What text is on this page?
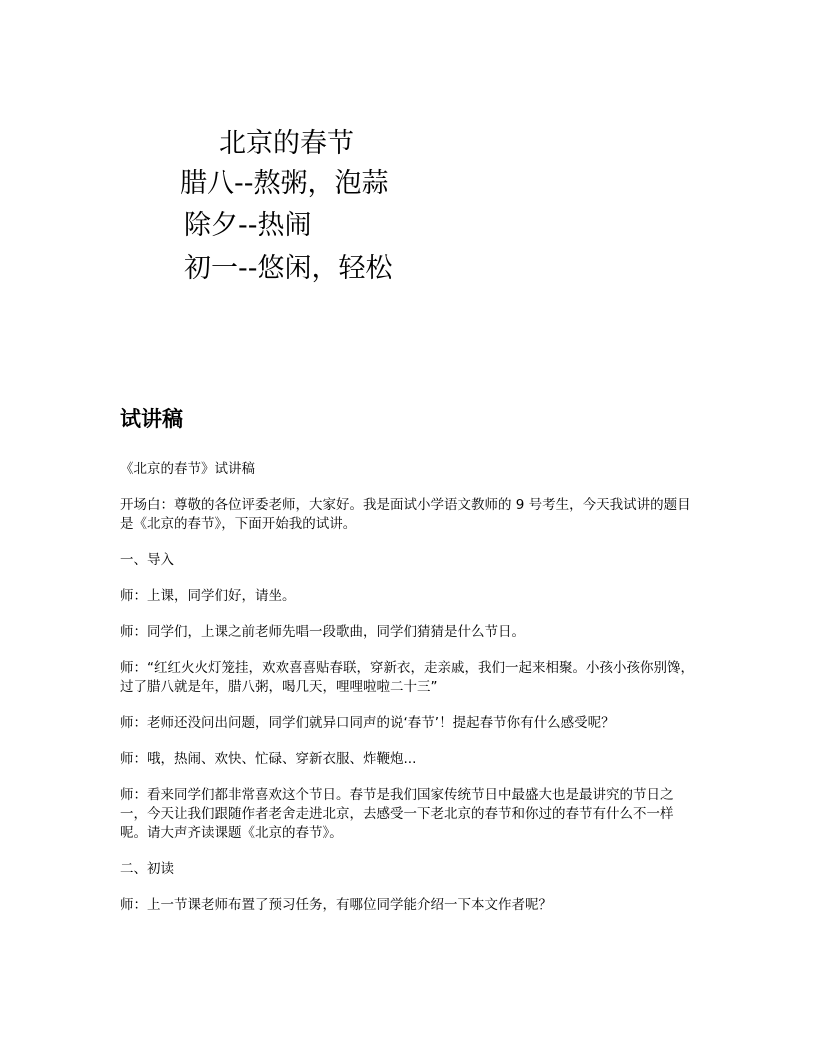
北京的春节
腊八--熬粥，泡蒜
除夕--热闹
初一--悠闲，轻松
试讲稿

《北京的春节》试讲稿

开场白：尊敬的各位评委老师，大家好。我是面试小学语文教师的 9 号考生，今天我试讲的题目是《北京的春节》，下面开始我的试讲。

一、导入

师：上课，同学们好，请坐。

师：同学们，上课之前老师先唱一段歌曲，同学们猜猜是什么节日。

师：“红红火火灯笼挂，欢欢喜喜贴春联，穿新衣，走亲戚，我们一起来相聚。小孩小孩你别馋，过了腊八就是年，腊八粥，喝几天，哩哩啦啦二十三”

师：老师还没问出问题，同学们就异口同声的说‘春节’！提起春节你有什么感受呢？

师：哦，热闹、欢快、忙碌、穿新衣服、炸鞭炮...

师：看来同学们都非常喜欢这个节日。春节是我们国家传统节日中最盛大也是最讲究的节日之一，今天让我们跟随作者老舍走进北京，去感受一下老北京的春节和你过的春节有什么不一样呢。请大声齐读课题《北京的春节》。

二、初读

师：上一节课老师布置了预习任务，有哪位同学能介绍一下本文作者呢？
